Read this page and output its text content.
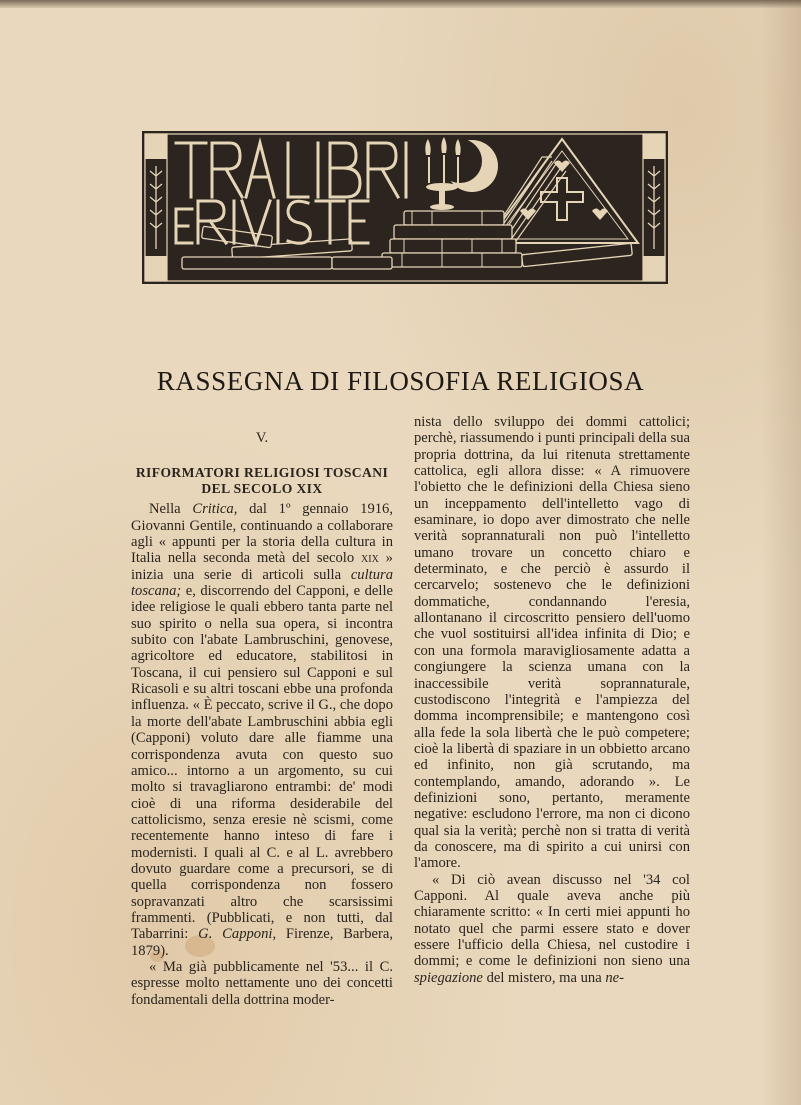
TRA LIBRI
E RIVISTE
RASSEGNA DI FILOSOFIA RELIGIOSA

V.

RIFORMATORI RELIGIOSI TOSCANI DEL SECOLO XIX

Nella Critica, dal 1º gennaio 1916, Giovanni Gentile, continuando a collaborare agli « appunti per la storia della cultura in Italia nella seconda metà del secolo xix » inizia una serie di articoli sulla cultura toscana; e, discorrendo del Capponi, e delle idee religiose le quali ebbero tanta parte nel suo spirito o nella sua opera, si incontra subito con l'abate Lambruschini, genovese, agricoltore ed educatore, stabilitosi in Toscana, il cui pensiero sul Capponi e sul Ricasoli e su altri toscani ebbe una profonda influenza. « È peccato, scrive il G., che dopo la morte dell'abate Lambruschini abbia egli (Capponi) voluto dare alle fiamme una corrispondenza avuta con questo suo amico... intorno a un argomento, su cui molto si travagliarono entrambi: de' modi cioè di una riforma desiderabile del cattolicismo, senza eresie nè scismi, come recentemente hanno inteso di fare i modernisti. I quali al C. e al L. avrebbero dovuto guardare come a precursori, se di quella corrispondenza non fossero sopravanzati altro che scarsissimi frammenti. (Pubblicati, e non tutti, dal Tabarrini: G. Capponi, Firenze, Barbera, 1879).

« Ma già pubblicamente nel '53... il C. espresse molto nettamente uno dei concetti fondamentali della dottrina moder-

nista dello sviluppo dei dommi cattolici; perchè, riassumendo i punti principali della sua propria dottrina, da lui ritenuta strettamente cattolica, egli allora disse: « A rimuovere l'obietto che le definizioni della Chiesa sieno un inceppamento dell'intelletto vago di esaminare, io dopo aver dimostrato che nelle verità soprannaturali non può l'intelletto umano trovare un concetto chiaro e determinato, e che perciò è assurdo il cercarvelo; sostenevo che le definizioni dommatiche, condannando l'eresia, allontanano il circoscritto pensiero dell'uomo che vuol sostituirsi all'idea infinita di Dio; e con una formola maravigliosamente adatta a congiungere la scienza umana con la inaccessibile verità soprannaturale, custodiscono l'integrità e l'ampiezza del domma incomprensibile; e mantengono così alla fede la sola libertà che le può competere; cioè la libertà di spaziare in un obbietto arcano ed infinito, non già scrutando, ma contemplando, amando, adorando ». Le definizioni sono, pertanto, meramente negative: escludono l'errore, ma non ci dicono qual sia la verità; perchè non si tratta di verità da conoscere, ma di spirito a cui unirsi con l'amore.

« Di ciò avean discusso nel '34 col Capponi. Al quale aveva anche più chiaramente scritto: « In certi miei appunti ho notato quel che parmi essere stato e dover essere l'ufficio della Chiesa, nel custodire i dommi; e come le definizioni non sieno una spiegazione del mistero, ma una ne-
